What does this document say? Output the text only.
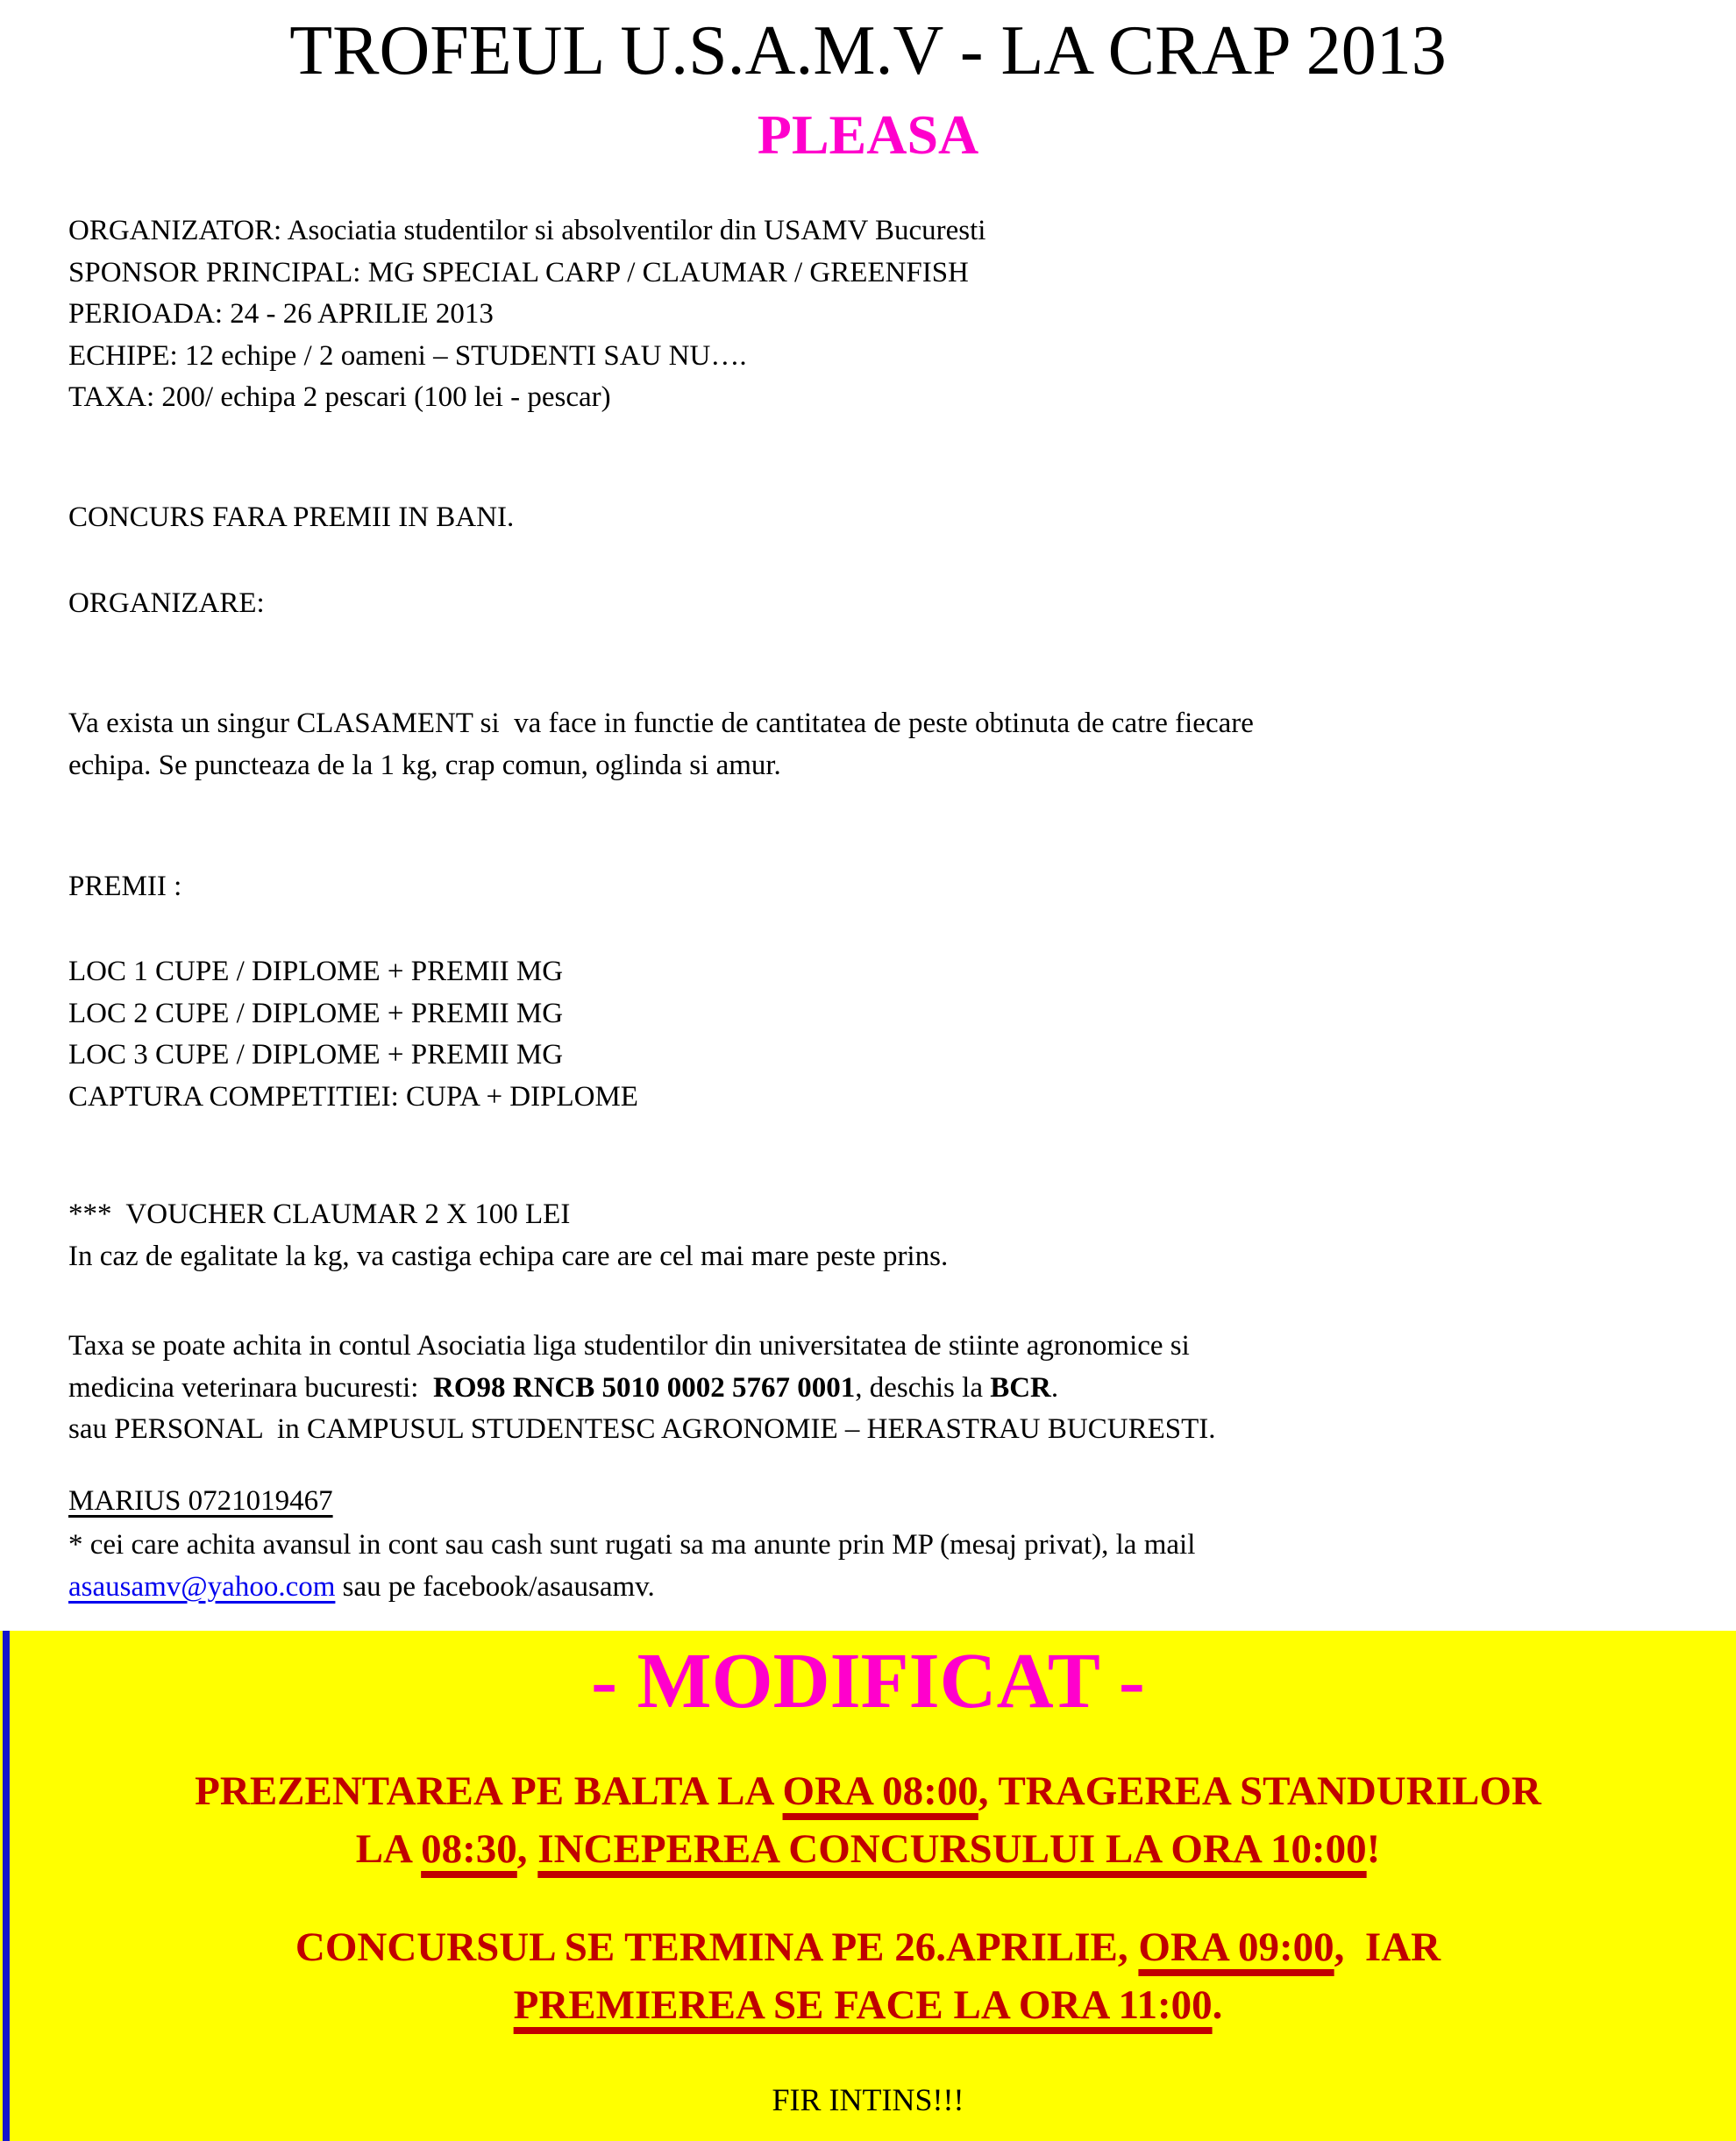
TROFEUL U.S.A.M.V - LA CRAP 2013
PLEASA
ORGANIZATOR: Asociatia studentilor si absolventilor din USAMV Bucuresti
SPONSOR PRINCIPAL: MG SPECIAL CARP / CLAUMAR / GREENFISH
PERIOADA: 24 - 26 APRILIE 2013
ECHIPE: 12 echipe / 2 oameni – STUDENTI SAU NU….
TAXA: 200/ echipa 2 pescari (100 lei - pescar)
CONCURS FARA PREMII IN BANI.
ORGANIZARE:
Va exista un singur CLASAMENT si  va face in functie de cantitatea de peste obtinuta de catre fiecare
echipa. Se puncteaza de la 1 kg, crap comun, oglinda si amur.
PREMII :
LOC 1 CUPE / DIPLOME + PREMII MG
LOC 2 CUPE / DIPLOME + PREMII MG
LOC 3 CUPE / DIPLOME + PREMII MG
CAPTURA COMPETITIEI: CUPA + DIPLOME
***  VOUCHER CLAUMAR 2 X 100 LEI
In caz de egalitate la kg, va castiga echipa care are cel mai mare peste prins.
Taxa se poate achita in contul Asociatia liga studentilor din universitatea de stiinte agronomice si
medicina veterinara bucuresti:  RO98 RNCB 5010 0002 5767 0001, deschis la BCR.
sau PERSONAL  in CAMPUSUL STUDENTESC AGRONOMIE – HERASTRAU BUCURESTI.
MARIUS 0721019467
* cei care achita avansul in cont sau cash sunt rugati sa ma anunte prin MP (mesaj privat), la mail
asausamv@yahoo.com sau pe facebook/asausamv.
- MODIFICAT -
PREZENTAREA PE BALTA LA ORA 08:00, TRAGEREA STANDURILOR
LA 08:30, INCEPEREA CONCURSULUI LA ORA 10:00!
CONCURSUL SE TERMINA PE 26.APRILIE, ORA 09:00,  IAR
PREMIEREA SE FACE LA ORA 11:00.
FIR INTINS!!!
